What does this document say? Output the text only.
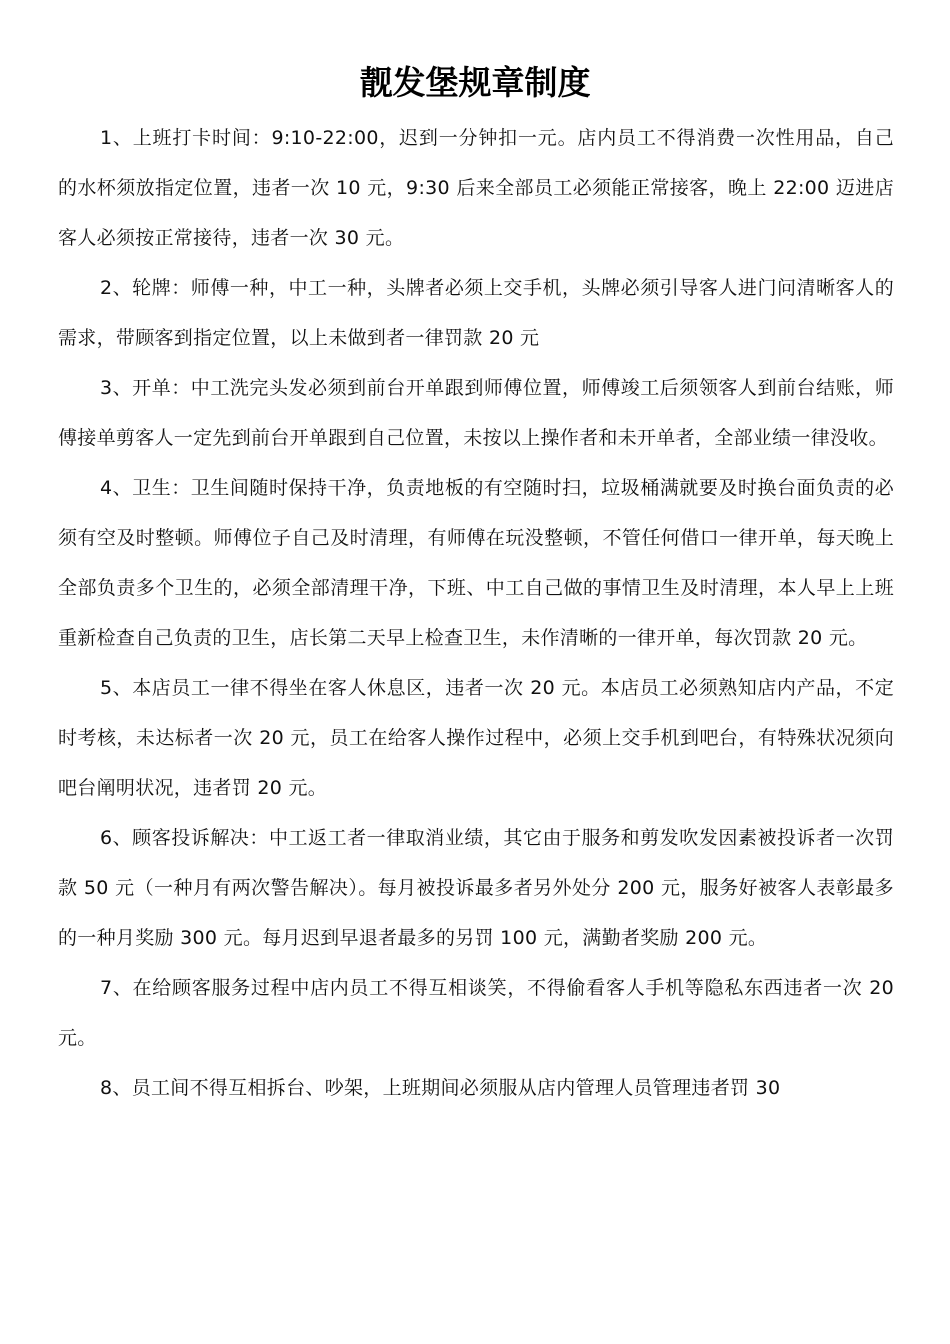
靓发堡规章制度

1、上班打卡时间：9:10-22:00，迟到一分钟扣一元。店内员工不得消费一次性用品，自己的水杯须放指定位置，违者一次 10 元，9:30 后来全部员工必须能正常接客，晚上 22:00 迈进店客人必须按正常接待，违者一次 30 元。

2、轮牌：师傅一种，中工一种，头牌者必须上交手机，头牌必须引导客人进门问清晰客人的需求，带顾客到指定位置，以上未做到者一律罚款 20 元

3、开单：中工洗完头发必须到前台开单跟到师傅位置，师傅竣工后须领客人到前台结账，师傅接单剪客人一定先到前台开单跟到自己位置，未按以上操作者和未开单者，全部业绩一律没收。

4、卫生：卫生间随时保持干净，负责地板的有空随时扫，垃圾桶满就要及时换台面负责的必须有空及时整顿。师傅位子自己及时清理，有师傅在玩没整顿，不管任何借口一律开单，每天晚上全部负责多个卫生的，必须全部清理干净，下班、中工自己做的事情卫生及时清理，本人早上上班重新检查自己负责的卫生，店长第二天早上检查卫生，未作清晰的一律开单，每次罚款 20 元。

5、本店员工一律不得坐在客人休息区，违者一次 20 元。本店员工必须熟知店内产品，不定时考核，未达标者一次 20 元，员工在给客人操作过程中，必须上交手机到吧台，有特殊状况须向吧台阐明状况，违者罚 20 元。

6、顾客投诉解决：中工返工者一律取消业绩，其它由于服务和剪发吹发因素被投诉者一次罚款 50 元（一种月有两次警告解决）。每月被投诉最多者另外处分 200 元，服务好被客人表彰最多的一种月奖励 300 元。每月迟到早退者最多的另罚 100 元，满勤者奖励 200 元。

7、在给顾客服务过程中店内员工不得互相谈笑，不得偷看客人手机等隐私东西违者一次 20 元。

8、员工间不得互相拆台、吵架，上班期间必须服从店内管理人员管理违者罚 30
